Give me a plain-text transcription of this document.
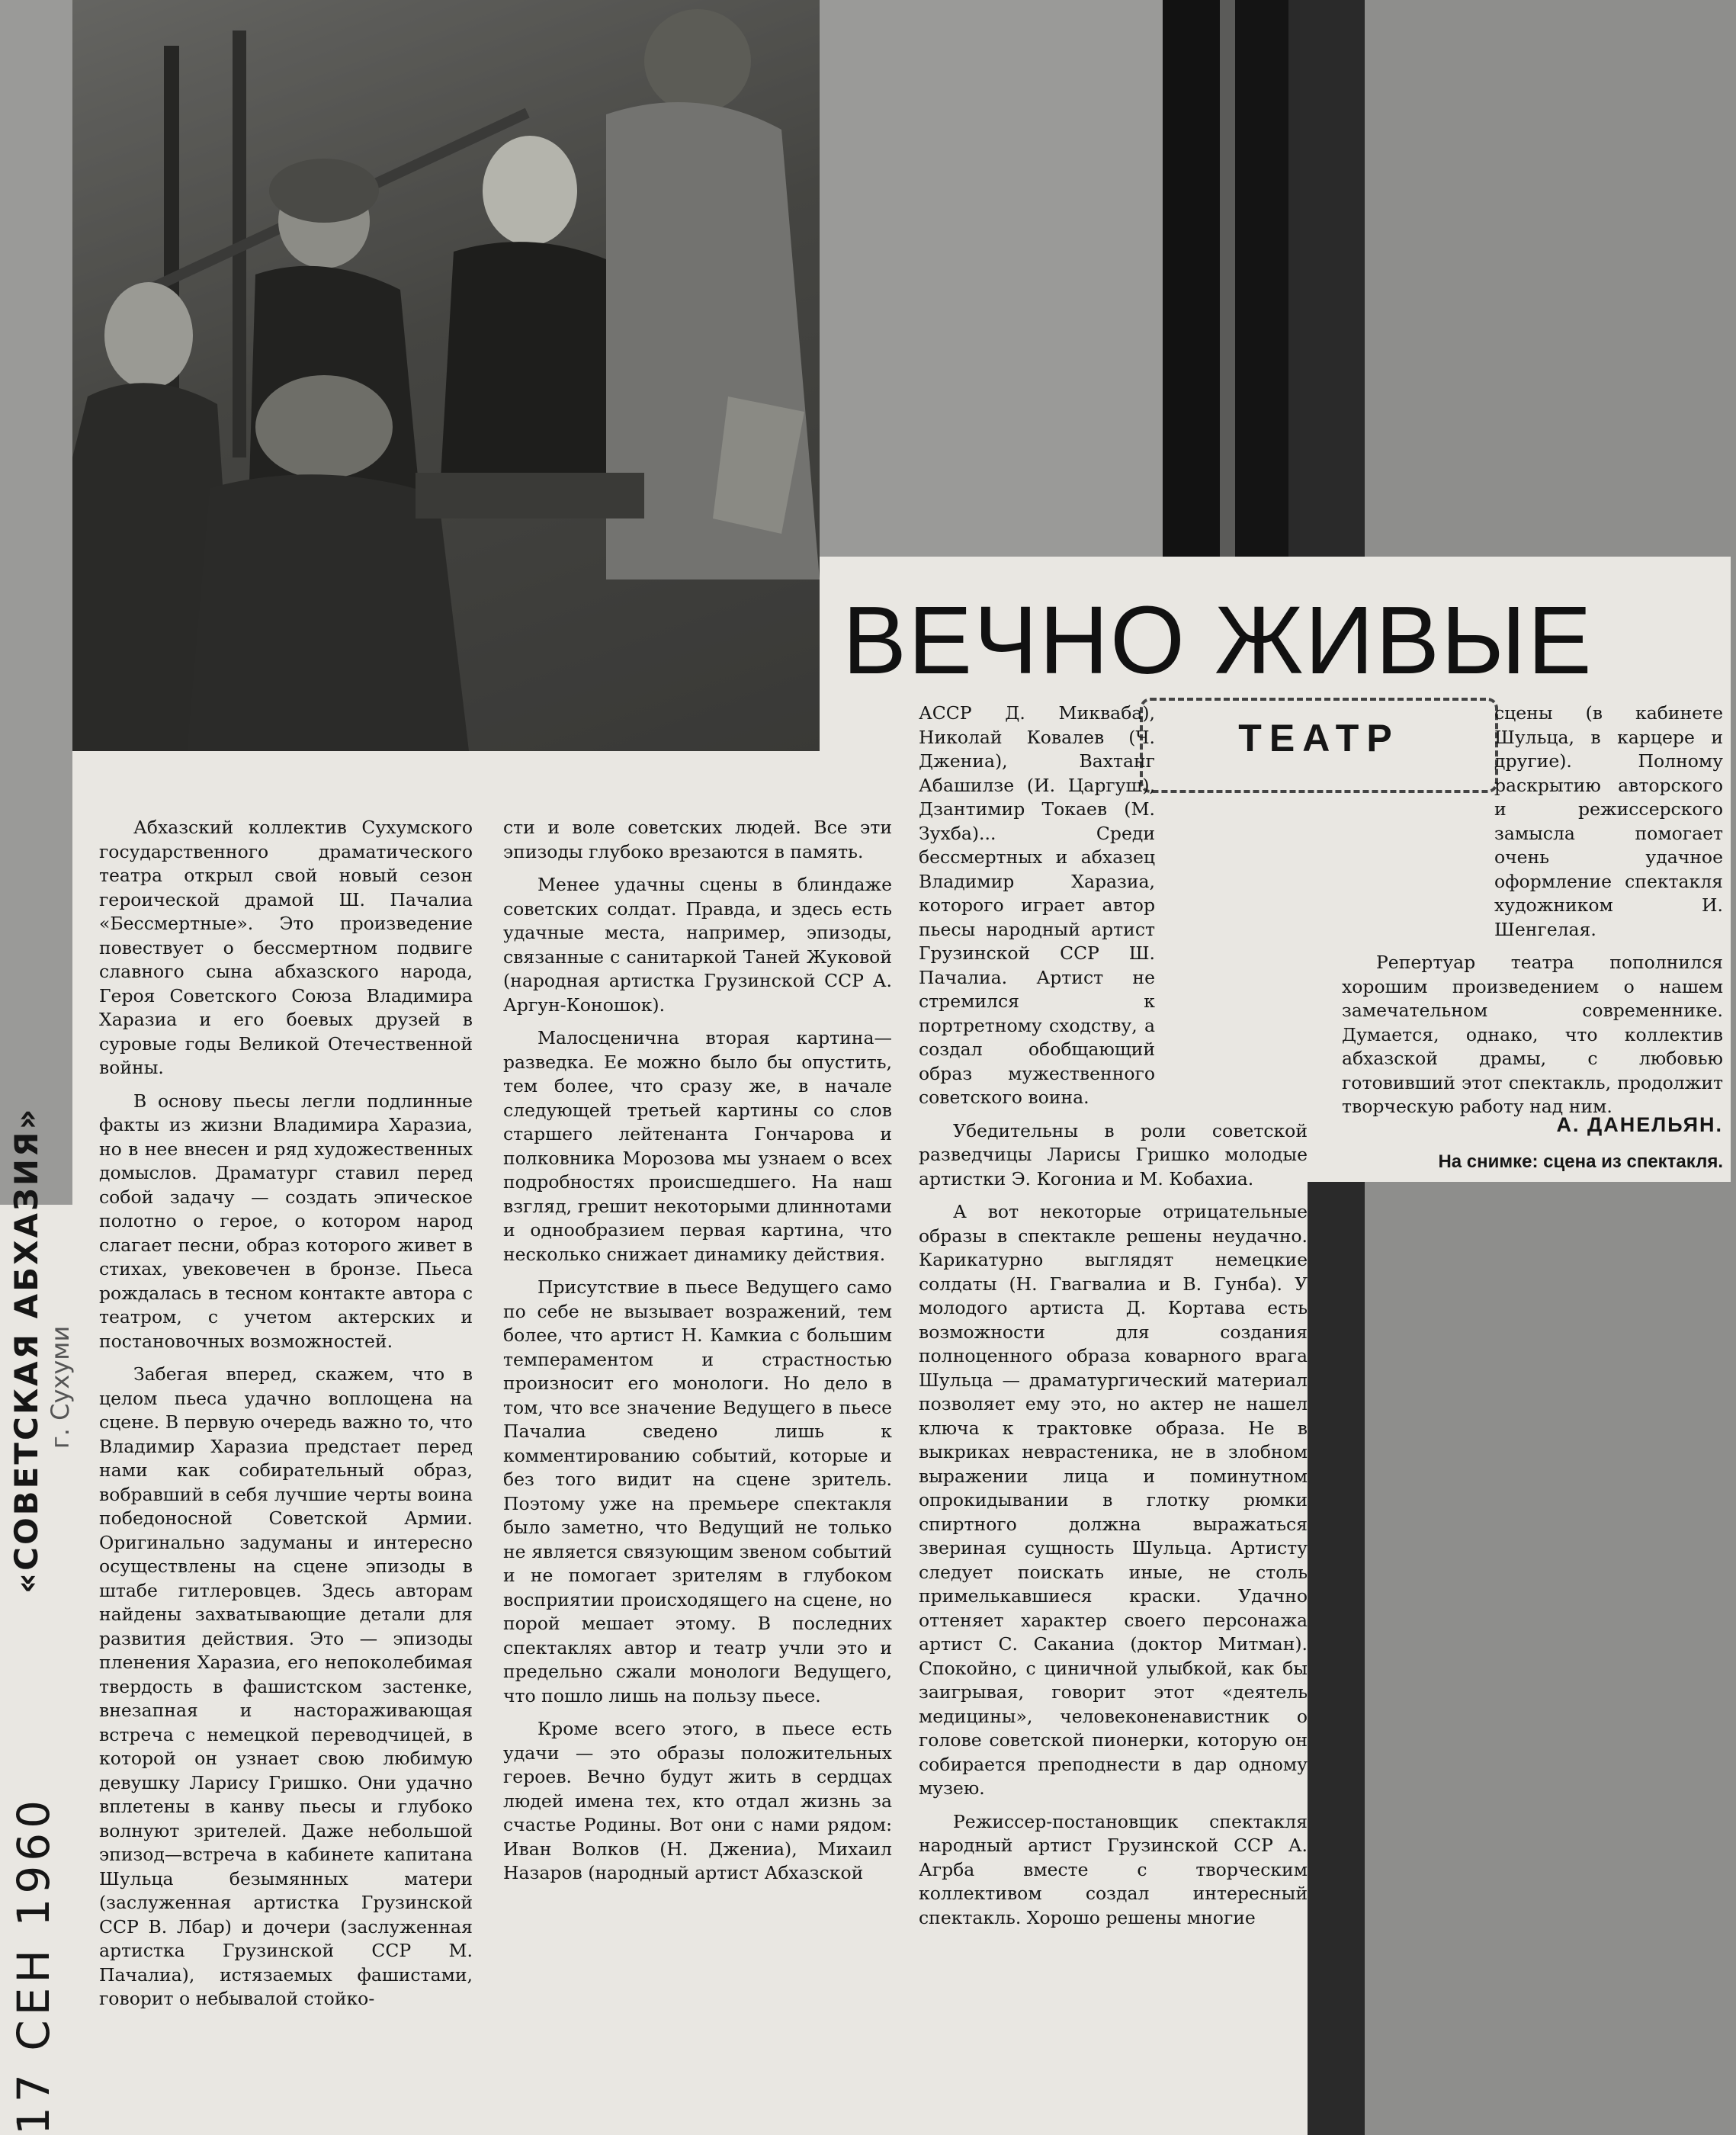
ВЕЧНО ЖИВЫЕ
ТЕАТР

Абхазский коллектив Сухумского государственного драматического театра открыл свой новый сезон героической драмой Ш. Пачалиа «Бессмертные». Это произведение повествует о бессмертном подвиге славного сына абхазского народа, Героя Советского Союза Владимира Харазиа и его боевых друзей в суровые годы Великой Отечественной войны.

В основу пьесы легли подлинные факты из жизни Владимира Харазиа, но в нее внесен и ряд художественных домыслов. Драматург ставил перед собой задачу — создать эпическое полотно о герое, о котором народ слагает песни, образ которого живет в стихах, увековечен в бронзе. Пьеса рождалась в тесном контакте автора с театром, с учетом актерских и постановочных возможностей.

Забегая вперед, скажем, что в целом пьеса удачно воплощена на сцене. В первую очередь важно то, что Владимир Харазиа предстает перед нами как собирательный образ, вобравший в себя лучшие черты воина победоносной Советской Армии. Оригинально задуманы и интересно осуществлены на сцене эпизоды в штабе гитлеровцев. Здесь авторам найдены захватывающие детали для развития действия. Это — эпизоды пленения Харазиа, его непоколебимая твердость в фашистском застенке, внезапная и настораживающая встреча с немецкой переводчицей, в которой он узнает свою любимую девушку Ларису Гришко. Они удачно вплетены в канву пьесы и глубоко волнуют зрителей. Даже небольшой эпизод—встреча в кабинете капитана Шульца безымянных матери (заслуженная артистка Грузинской ССР В. Лбар) и дочери (заслуженная артистка Грузинской ССР М. Пачалиа), истязаемых фашистами, говорит о небывалой стойко-

сти и воле советских людей. Все эти эпизоды глубоко врезаются в память.

Менее удачны сцены в блиндаже советских солдат. Правда, и здесь есть удачные места, например, эпизоды, связанные с санитаркой Таней Жуковой (народная артистка Грузинской ССР А. Аргун-Коношок).

Малосценична вторая картина— разведка. Ее можно было бы опустить, тем более, что сразу же, в начале следующей третьей картины со слов старшего лейтенанта Гончарова и полковника Морозова мы узнаем о всех подробностях происшедшего. На наш взгляд, грешит некоторыми длиннотами и однообразием первая картина, что несколько снижает динамику действия.

Присутствие в пьесе Ведущего само по себе не вызывает возражений, тем более, что артист Н. Камкиа с большим темпераментом и страстностью произносит его монологи. Но дело в том, что все значение Ведущего в пьесе Пачалиа сведено лишь к комментированию событий, которые и без того видит на сцене зритель. Поэтому уже на премьере спектакля было заметно, что Ведущий не только не является связующим звеном событий и не помогает зрителям в глубоком восприятии происходящего на сцене, но порой мешает этому. В последних спектаклях автор и театр учли это и предельно сжали монологи Ведущего, что пошло лишь на пользу пьесе.

Кроме всего этого, в пьесе есть удачи — это образы положительных героев. Вечно будут жить в сердцах людей имена тех, кто отдал жизнь за счастье Родины. Вот они с нами рядом: Иван Волков (Н. Джениа), Михаил Назаров (народный артист Абхазской

АССР Д. Микваба), Николай Ковалев (Ч. Джениа), Вахтанг Абашилзе (И. Царгуш), Дзантимир Токаев (М. Зухба)... Среди бессмертных и абхазец Владимир Харазиа, которого играет автор пьесы народный артист Грузинской ССР Ш. Пачалиа. Артист не стремился к портретному сходству, а создал обобщающий образ мужественного советского воина.

Убедительны в роли советской разведчицы Ларисы Гришко молодые артистки Э. Когониа и М. Кобахиа.

А вот некоторые отрицательные образы в спектакле решены неудачно. Карикатурно выглядят немецкие солдаты (Н. Гвагвалиа и В. Гунба). У молодого артиста Д. Кортава есть возможности для создания полноценного образа коварного врага Шульца — драматургический материал позволяет ему это, но актер не нашел ключа к трактовке образа. Не в выкриках неврастеника, не в злобном выражении лица и поминутном опрокидывании в глотку рюмки спиртного должна выражаться звериная сущность Шульца. Артисту следует поискать иные, не столь примелькавшиеся краски. Удачно оттеняет характер своего персонажа артист С. Саканиа (доктор Митман). Спокойно, с циничной улыбкой, как бы заигрывая, говорит этот «деятель медицины», человеконенавистник о голове советской пионерки, которую он собирается преподнести в дар одному музею.

Режиссер-постановщик спектакля народный артист Грузинской ССР А. Агрба вместе с творческим коллективом создал интересный спектакль. Хорошо решены многие

сцены (в кабинете Шульца, в карцере и другие). Полному раскрытию авторского и режиссерского замысла помогает очень удачное оформление спектакля художником И. Шенгелая.

Репертуар театра пополнился хорошим произведением о нашем замечательном современнике. Думается, однако, что коллектив абхазской драмы, с любовью готовивший этот спектакль, продолжит творческую работу над ним.

А. ДАНЕЛЬЯН.
На снимке: сцена из спектакля.
«СОВЕТСКАЯ АБХАЗИЯ» г. Сухуми
17 СЕН 1960
